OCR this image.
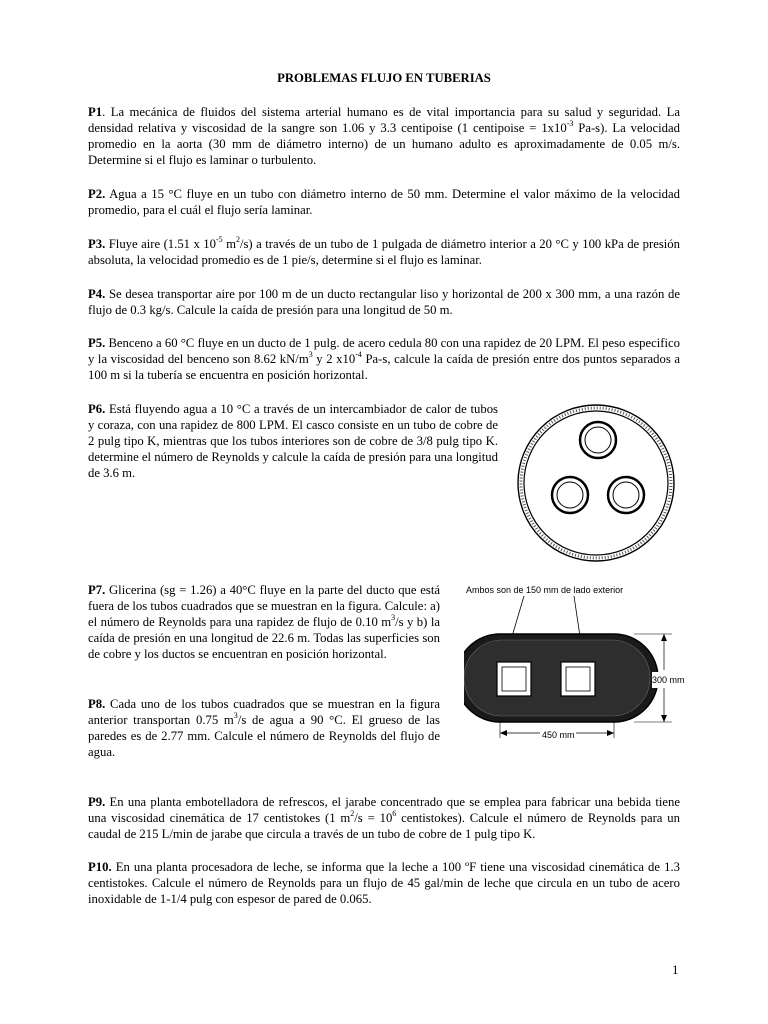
PROBLEMAS FLUJO EN TUBERIAS
P1. La mecánica de fluidos del sistema arterial humano es de vital importancia para su salud y seguridad. La densidad relativa y viscosidad de la sangre son 1.06 y 3.3 centipoise (1 centipoise = $1x10^{-3}$ Pa-s). La velocidad promedio en la aorta (30 mm de diámetro interno) de un humano adulto es aproximadamente de 0.05 m/s. Determine si el flujo es laminar o turbulento.
P2. Agua a 15 °C fluye en un tubo con diámetro interno de 50 mm. Determine el valor máximo de la velocidad promedio, para el cuál el flujo sería laminar.
P3. Fluye aire (1.51 x $10^{-5}$ $m^2/s$) a través de un tubo de 1 pulgada de diámetro interior a 20 °C y 100 kPa de presión absoluta, la velocidad promedio es de 1 pie/s, determine si el flujo es laminar.
P4. Se desea transportar aire por 100 m de un ducto rectangular liso y horizontal de 200 x 300 mm, a una razón de flujo de 0.3 kg/s. Calcule la caída de presión para una longitud de 50 m.
P5. Benceno a 60 °C fluye en un ducto de 1 pulg. de acero cedula 80 con una rapidez de 20 LPM. El peso especifico y la viscosidad del benceno son 8.62 $kN/m^3$ y 2 $x10^{-4}$ Pa-s, calcule la caída de presión entre dos puntos separados a 100 m si la tubería se encuentra en posición horizontal.
P6. Está fluyendo agua a 10 °C a través de un intercambiador de calor de tubos y coraza, con una rapidez de 800 LPM. El casco consiste en un tubo de cobre de 2 pulg tipo K, mientras que los tubos interiores son de cobre de 3/8 pulg tipo K. determine el número de Reynolds y calcule la caída de presión para una longitud de 3.6 m.
P7. Glicerina (sg = 1.26) a 40°C fluye en la parte del ducto que está fuera de los tubos cuadrados que se muestran en la figura. Calcule: a) el número de Reynolds para una rapidez de flujo de 0.10 $m^3/s$ y b) la caída de presión en una longitud de 22.6 m. Todas las superficies son de cobre y los ductos se encuentran en posición horizontal.
P8. Cada uno de los tubos cuadrados que se muestran en la figura anterior transportan 0.75 $m^3/s$ de agua a 90 °C. El grueso de las paredes es de 2.77 mm. Calcule el número de Reynolds del flujo de agua.
P9. En una planta embotelladora de refrescos, el jarabe concentrado que se emplea para fabricar una bebida tiene una viscosidad cinemática de 17 centistokes (1 $m^2/s = 10^6$ centistokes). Calcule el número de Reynolds para un caudal de 215 L/min de jarabe que circula a través de un tubo de cobre de 1 pulg tipo K.
P10. En una planta procesadora de leche, se informa que la leche a 100 ºF tiene una viscosidad cinemática de 1.3 centistokes. Calcule el número de Reynolds para un flujo de 45 gal/min de leche que circula en un tubo de acero inoxidable de 1-1/4 pulg con espesor de pared de 0.065.
Ambos son de 150 mm de lado exterior
300 mm
450 mm
1
